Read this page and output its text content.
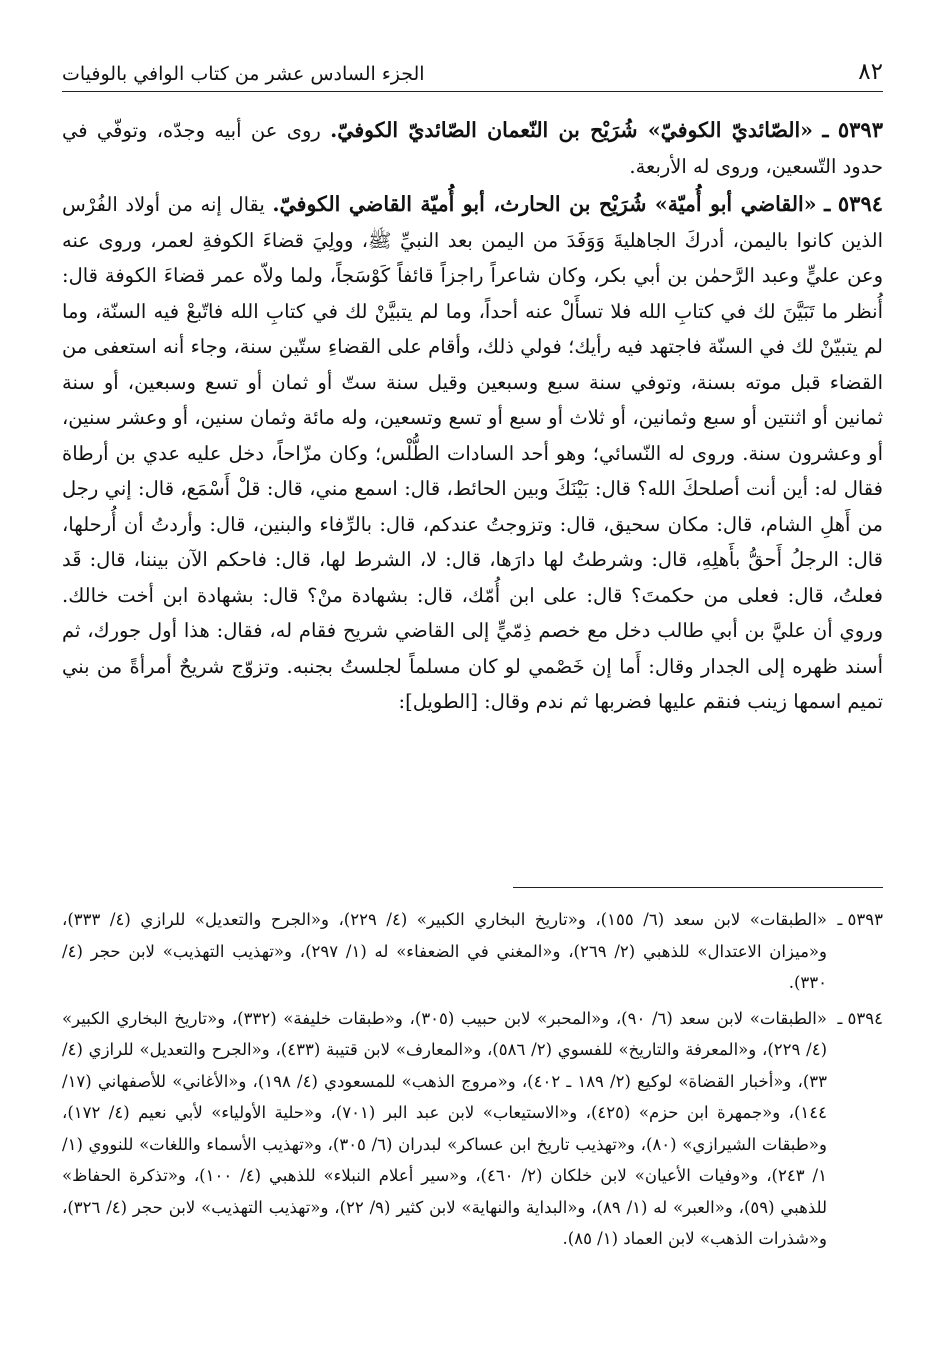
٨٢
الجزء السادس عشر من كتاب الوافي بالوفيات

٥٣٩٣ ـ «الصّائديّ الكوفيّ» شُرَيْح بن النّعمان الصّائديّ الكوفيّ. روى عن أبيه وجدّه، وتوفّي في حدود التّسعين، وروى له الأربعة.

٥٣٩٤ ـ «القاضي أبو أُميّة» شُرَيْح بن الحارث، أبو أُميّة القاضي الكوفيّ. يقال إنه من أولاد الفُرْس الذين كانوا باليمن، أدركَ الجاهليةَ وَوَفَدَ من اليمن بعد النبيِّ ﷺ، وولِيَ قضاءَ الكوفةِ لعمر، وروى عنه وعن عليٍّ وعبد الرَّحمٰن بن أبي بكر، وكان شاعراً راجزاً قائفاً كَوْسَجاً، ولما ولاّه عمر قضاءَ الكوفة قال: أُنظر ما تَبَيَّنَ لك في كتابِ الله فلا تسأَلْ عنه أحداً، وما لم يتبيَّنْ لك في كتابِ الله فاتّبعْ فيه السنّة، وما لم يتبيّنْ لك في السنّة فاجتهد فيه رأيك؛ فولي ذلك، وأقام على القضاءِ ستّين سنة، وجاء أنه استعفى من القضاء قبل موته بسنة، وتوفي سنة سبع وسبعين وقيل سنة ستّ أو ثمان أو تسع وسبعين، أو سنة ثمانين أو اثنتين أو سبع وثمانين، أو ثلاث أو سبع أو تسع وتسعين، وله مائة وثمان سنين، أو وعشر سنين، أو وعشرون سنة. وروى له النّسائي؛ وهو أحد السادات الطُّلْس؛ وكان مزّاحاً، دخل عليه عدي بن أرطاة فقال له: أين أنت أصلحكَ الله؟ قال: بَيْنَكَ وبين الحائط، قال: اسمع مني، قال: قلْ أَسْمَع، قال: إني رجل من أَهلِ الشام، قال: مكان سحيق، قال: وتزوجتُ عندكم، قال: بالرِّفاء والبنين، قال: وأردتُ أن أُرحلها، قال: الرجلُ أَحقُّ بأَهلِهِ، قال: وشرطتُ لها دارَها، قال: لا، الشرط لها، قال: فاحكم الآن بيننا، قال: قَد فعلتُ، قال: فعلى من حكمتَ؟ قال: على ابن أُمّك، قال: بشهادة منْ؟ قال: بشهادة ابن أخت خالك. وروي أن عليَّ بن أبي طالب دخل مع خصم ذِمّيٍّ إلى القاضي شريح فقام له، فقال: هذا أول جورك، ثم أسند ظهره إلى الجدار وقال: أَما إن خَصْمي لو كان مسلماً لجلستُ بجنبه. وتزوّج شريحٌ أمرأةً من بني تميم اسمها زينب فنقم عليها فضربها ثم ندم وقال: [الطويل]:

٥٣٩٣ ـ
«الطبقات» لابن سعد (٦/ ١٥٥)، و«تاريخ البخاري الكبير» (٤/ ٢٢٩)، و«الجرح والتعديل» للرازي (٤/ ٣٣٣)، و«ميزان الاعتدال» للذهبي (٢/ ٢٦٩)، و«المغني في الضعفاء» له (١/ ٢٩٧)، و«تهذيب التهذيب» لابن حجر (٤/ ٣٣٠).

٥٣٩٤ ـ
«الطبقات» لابن سعد (٦/ ٩٠)، و«المحبر» لابن حبيب (٣٠٥)، و«طبقات خليفة» (٣٣٢)، و«تاريخ البخاري الكبير» (٤/ ٢٢٩)، و«المعرفة والتاريخ» للفسوي (٢/ ٥٨٦)، و«المعارف» لابن قتيبة (٤٣٣)، و«الجرح والتعديل» للرازي (٤/ ٣٣)، و«أخبار القضاة» لوكيع (٢/ ١٨٩ ـ ٤٠٢)، و«مروج الذهب» للمسعودي (٤/ ١٩٨)، و«الأغاني» للأصفهاني (١٧/ ١٤٤)، و«جمهرة ابن حزم» (٤٢٥)، و«الاستيعاب» لابن عبد البر (٧٠١)، و«حلية الأولياء» لأبي نعيم (٤/ ١٧٢)، و«طبقات الشيرازي» (٨٠)، و«تهذيب تاريخ ابن عساكر» لبدران (٦/ ٣٠٥)، و«تهذيب الأسماء واللغات» للنووي (١/ ١/ ٢٤٣)، و«وفيات الأعيان» لابن خلكان (٢/ ٤٦٠)، و«سير أعلام النبلاء» للذهبي (٤/ ١٠٠)، و«تذكرة الحفاظ» للذهبي (٥٩)، و«العبر» له (١/ ٨٩)، و«البداية والنهاية» لابن كثير (٩/ ٢٢)، و«تهذيب التهذيب» لابن حجر (٤/ ٣٢٦)، و«شذرات الذهب» لابن العماد (١/ ٨٥).
